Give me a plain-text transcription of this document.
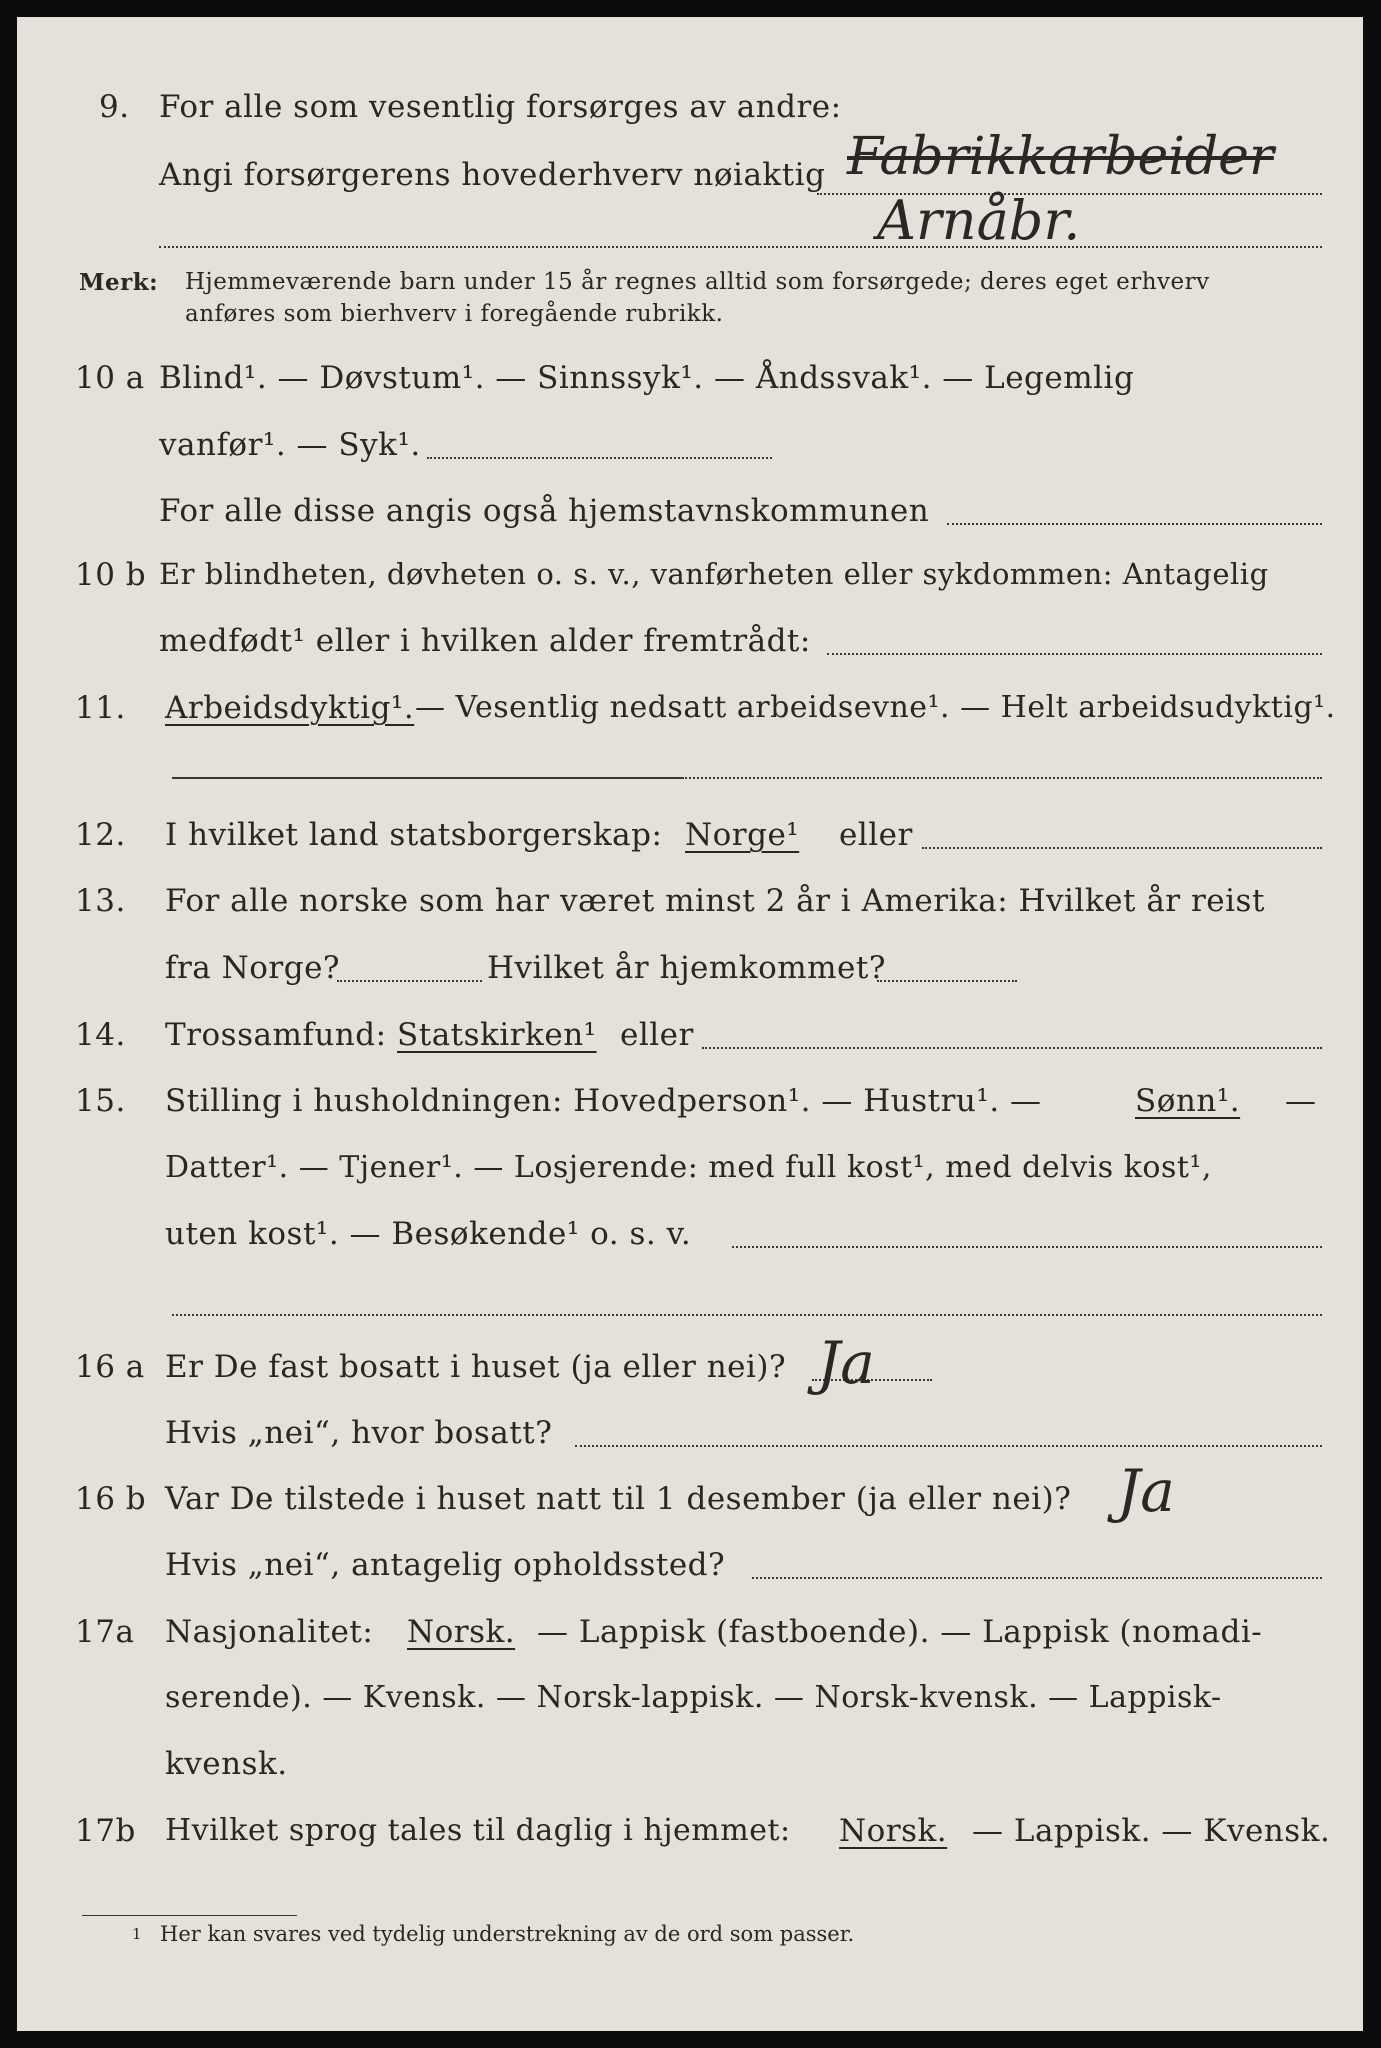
9. For alle som vesentlig forsørges av andre:
Fabrikkarbeider
Angi forsørgerens hovederhverv nøiaktig
Arnåbr.
Merk: Hjemmeværende barn under 15 år regnes alltid som forsørgede; deres eget erhverv
anføres som bierhverv i foregående rubrikk.
10 a Blind¹. — Døvstum¹. — Sinnssyk¹. — Åndssvak¹. — Legemlig
vanfør¹. — Syk¹.
For alle disse angis også hjemstavnskommunen
10 b Er blindheten, døvheten o. s. v., vanførheten eller sykdommen: Antagelig
medfødt¹ eller i hvilken alder fremtrådt:
11. Arbeidsdyktig¹. — Vesentlig nedsatt arbeidsevne¹. — Helt arbeidsudyktig¹.
12. I hvilket land statsborgerskap: Norge¹ eller
13. For alle norske som har været minst 2 år i Amerika: Hvilket år reist
fra Norge?	Hvilket år hjemkommet?
14. Trossamfund: Statskirken¹ eller
15. Stilling i husholdningen: Hovedperson¹. — Hustru¹. —	Sønn¹. —
Datter¹. — Tjener¹. — Losjerende: med full kost¹, med delvis kost¹,
uten kost¹. — Besøkende¹ o. s. v.
16 a Er De fast bosatt i huset (ja eller nei)? Ja
Hvis „nei“, hvor bosatt?
16 b Var De tilstede i huset natt til 1 desember (ja eller nei)? Ja
Hvis „nei“, antagelig opholdssted?
17a Nasjonalitet: Norsk. — Lappisk (fastboende). — Lappisk (nomadi-
serende). — Kvensk. — Norsk-lappisk. — Norsk-kvensk. — Lappisk-
kvensk.
17b Hvilket sprog tales til daglig i hjemmet: Norsk. — Lappisk. — Kvensk.
1 Her kan svares ved tydelig understrekning av de ord som passer.
